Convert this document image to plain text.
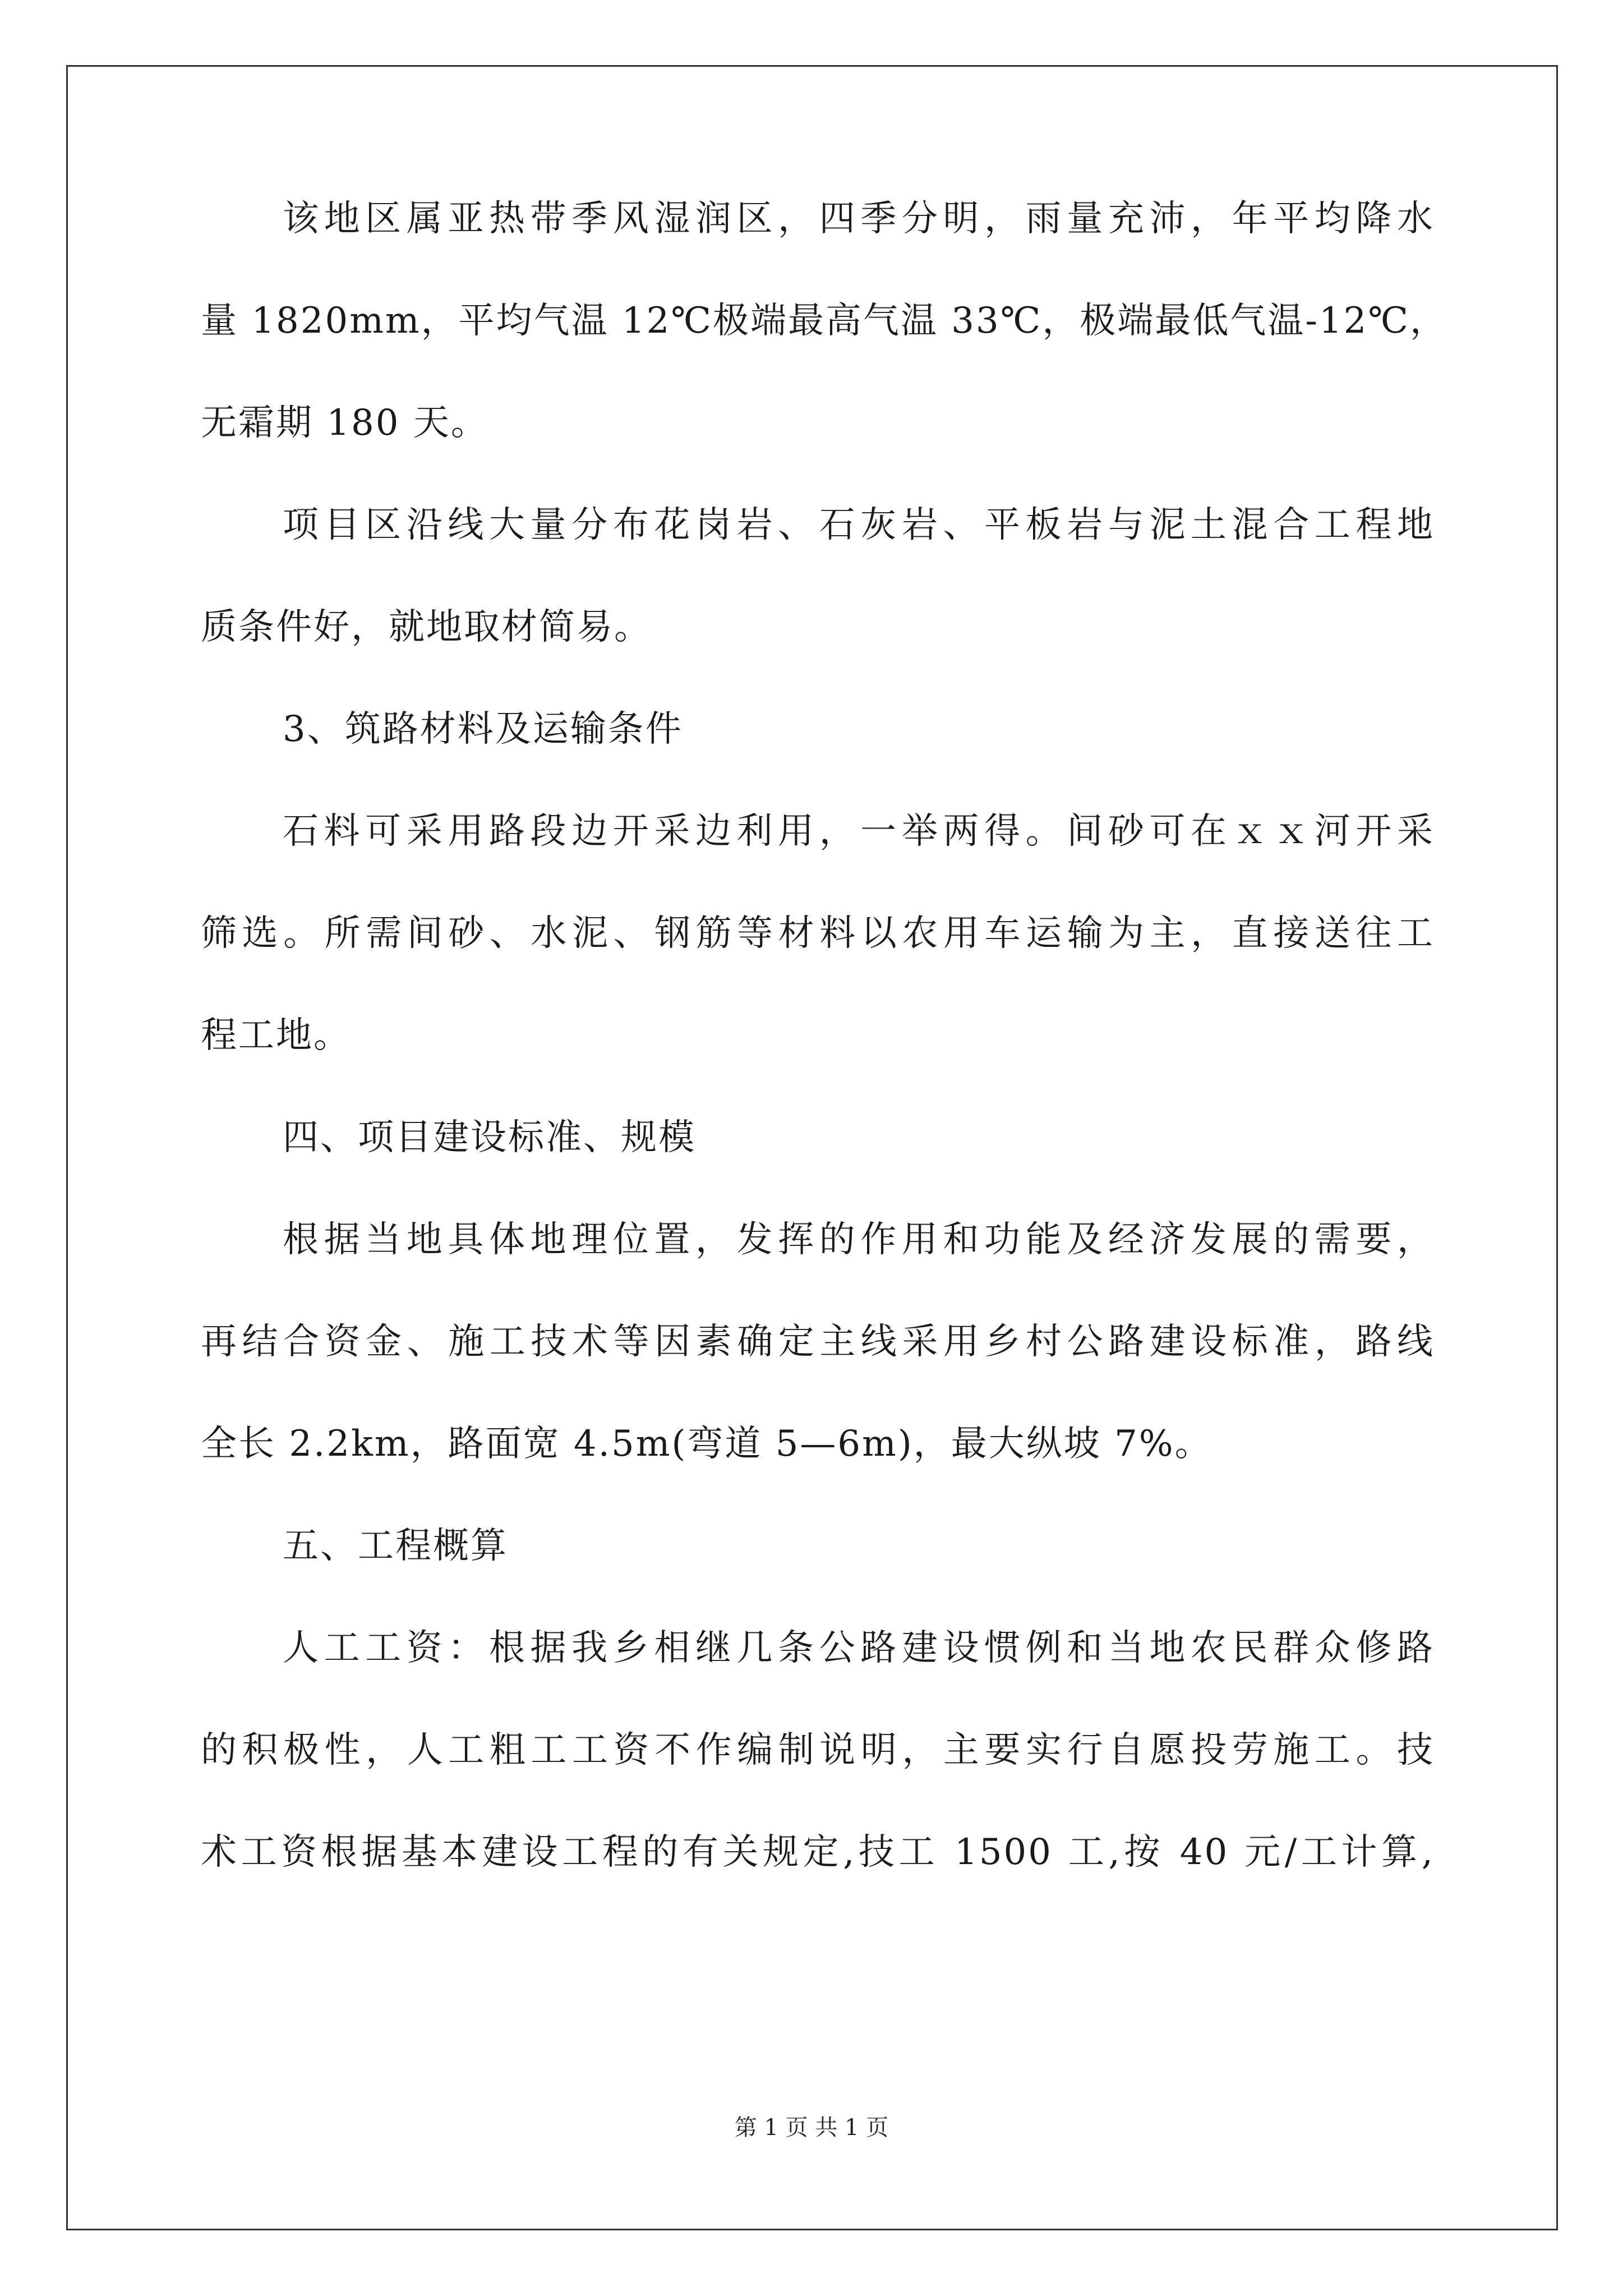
该地区属亚热带季风湿润区，四季分明，雨量充沛，年平均降水
量 1820mm，平均气温 12℃极端最高气温 33℃，极端最低气温-12℃，
无霜期 180 天。
项目区沿线大量分布花岗岩、石灰岩、平板岩与泥土混合工程地
质条件好，就地取材简易。
3、筑路材料及运输条件
石料可采用路段边开采边利用，一举两得。间砂可在ｘｘ河开采
筛选。所需间砂、水泥、钢筋等材料以农用车运输为主，直接送往工
程工地。
四、项目建设标准、规模
根据当地具体地理位置，发挥的作用和功能及经济发展的需要，
再结合资金、施工技术等因素确定主线采用乡村公路建设标准，路线
全长 2.2km，路面宽 4.5m(弯道 5—6m)，最大纵坡 7%。
五、工程概算
人工工资：根据我乡相继几条公路建设惯例和当地农民群众修路
的积极性，人工粗工工资不作编制说明，主要实行自愿投劳施工。技
术工资根据基本建设工程的有关规定,技工 1500 工,按 40 元/工计算,
第 1 页 共 1 页
